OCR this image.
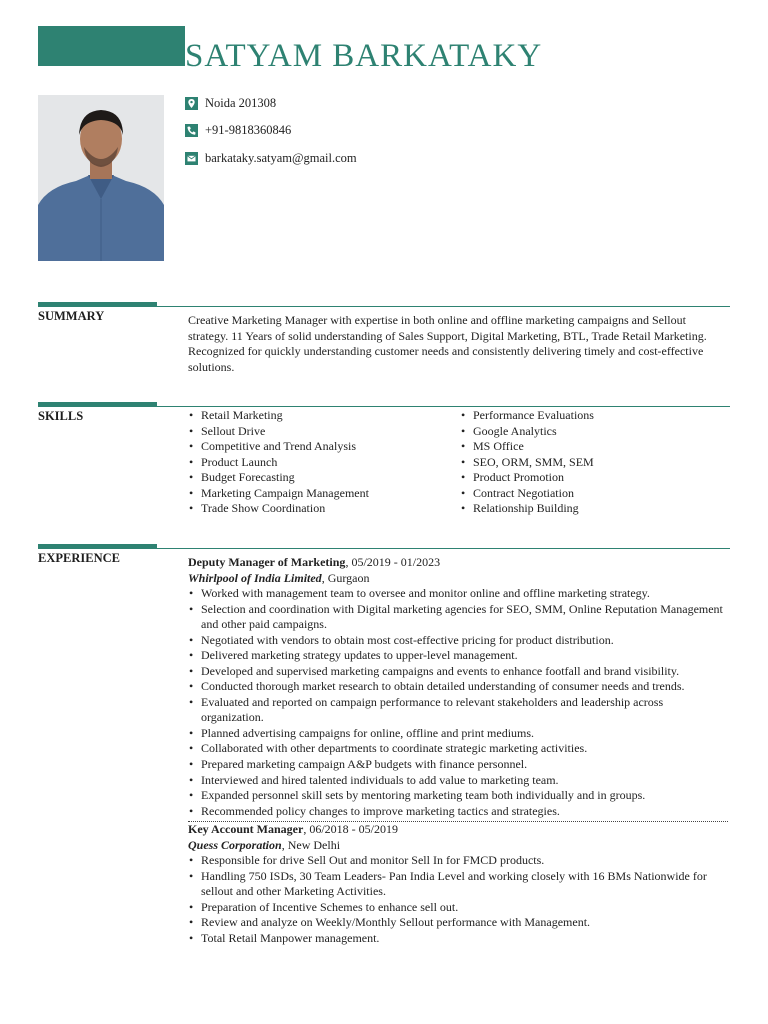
SATYAM BARKATAKY
Noida 201308
+91-9818360846
barkataky.satyam@gmail.com
SUMMARY	Creative Marketing Manager with expertise in both online and offline marketing campaigns and Sellout strategy. 11 Years of solid understanding of Sales Support, Digital Marketing, BTL, Trade Retail Marketing. Recognized for quickly understanding customer needs and consistently delivering timely and cost-effective solutions.

SKILLS
•	Retail Marketing
• Sellout Drive
• Competitive and Trend Analysis
• Product Launch
• Budget Forecasting
• Marketing Campaign Management
• Trade Show Coordination
• Performance Evaluations
• Google Analytics
• MS Office
• SEO, ORM, SMM, SEM
• Product Promotion
• Contract Negotiation
• Relationship Building
EXPERIENCE	Deputy Manager of Marketing, 05/2019 - 01/2023
Whirlpool of India Limited, Gurgaon
• Worked with management team to oversee and monitor online and offline marketing strategy.
• Selection and coordination with Digital marketing agencies for SEO, SMM, Online Reputation Management and other paid campaigns.
• Negotiated with vendors to obtain most cost-effective pricing for product distribution.
• Delivered marketing strategy updates to upper-level management.
• Developed and supervised marketing campaigns and events to enhance footfall and brand visibility.
• Conducted thorough market research to obtain detailed understanding of consumer needs and trends.
• Evaluated and reported on campaign performance to relevant stakeholders and leadership across organization.
• Planned advertising campaigns for online, offline and print mediums.
• Collaborated with other departments to coordinate strategic marketing activities.
• Prepared marketing campaign A&P budgets with finance personnel.
• Interviewed and hired talented individuals to add value to marketing team.
• Expanded personnel skill sets by mentoring marketing team both individually and in groups.
• Recommended policy changes to improve marketing tactics and strategies.
Key Account Manager, 06/2018 - 05/2019
Quess Corporation, New Delhi
• Responsible for drive Sell Out and monitor Sell In for FMCD products.
• Handling 750 ISDs, 30 Team Leaders- Pan India Level and working closely with 16 BMs Nationwide for sellout and other Marketing Activities.
• Preparation of Incentive Schemes to enhance sell out.
• Review and analyze on Weekly/Monthly Sellout performance with Management.
• Total Retail Manpower management.
